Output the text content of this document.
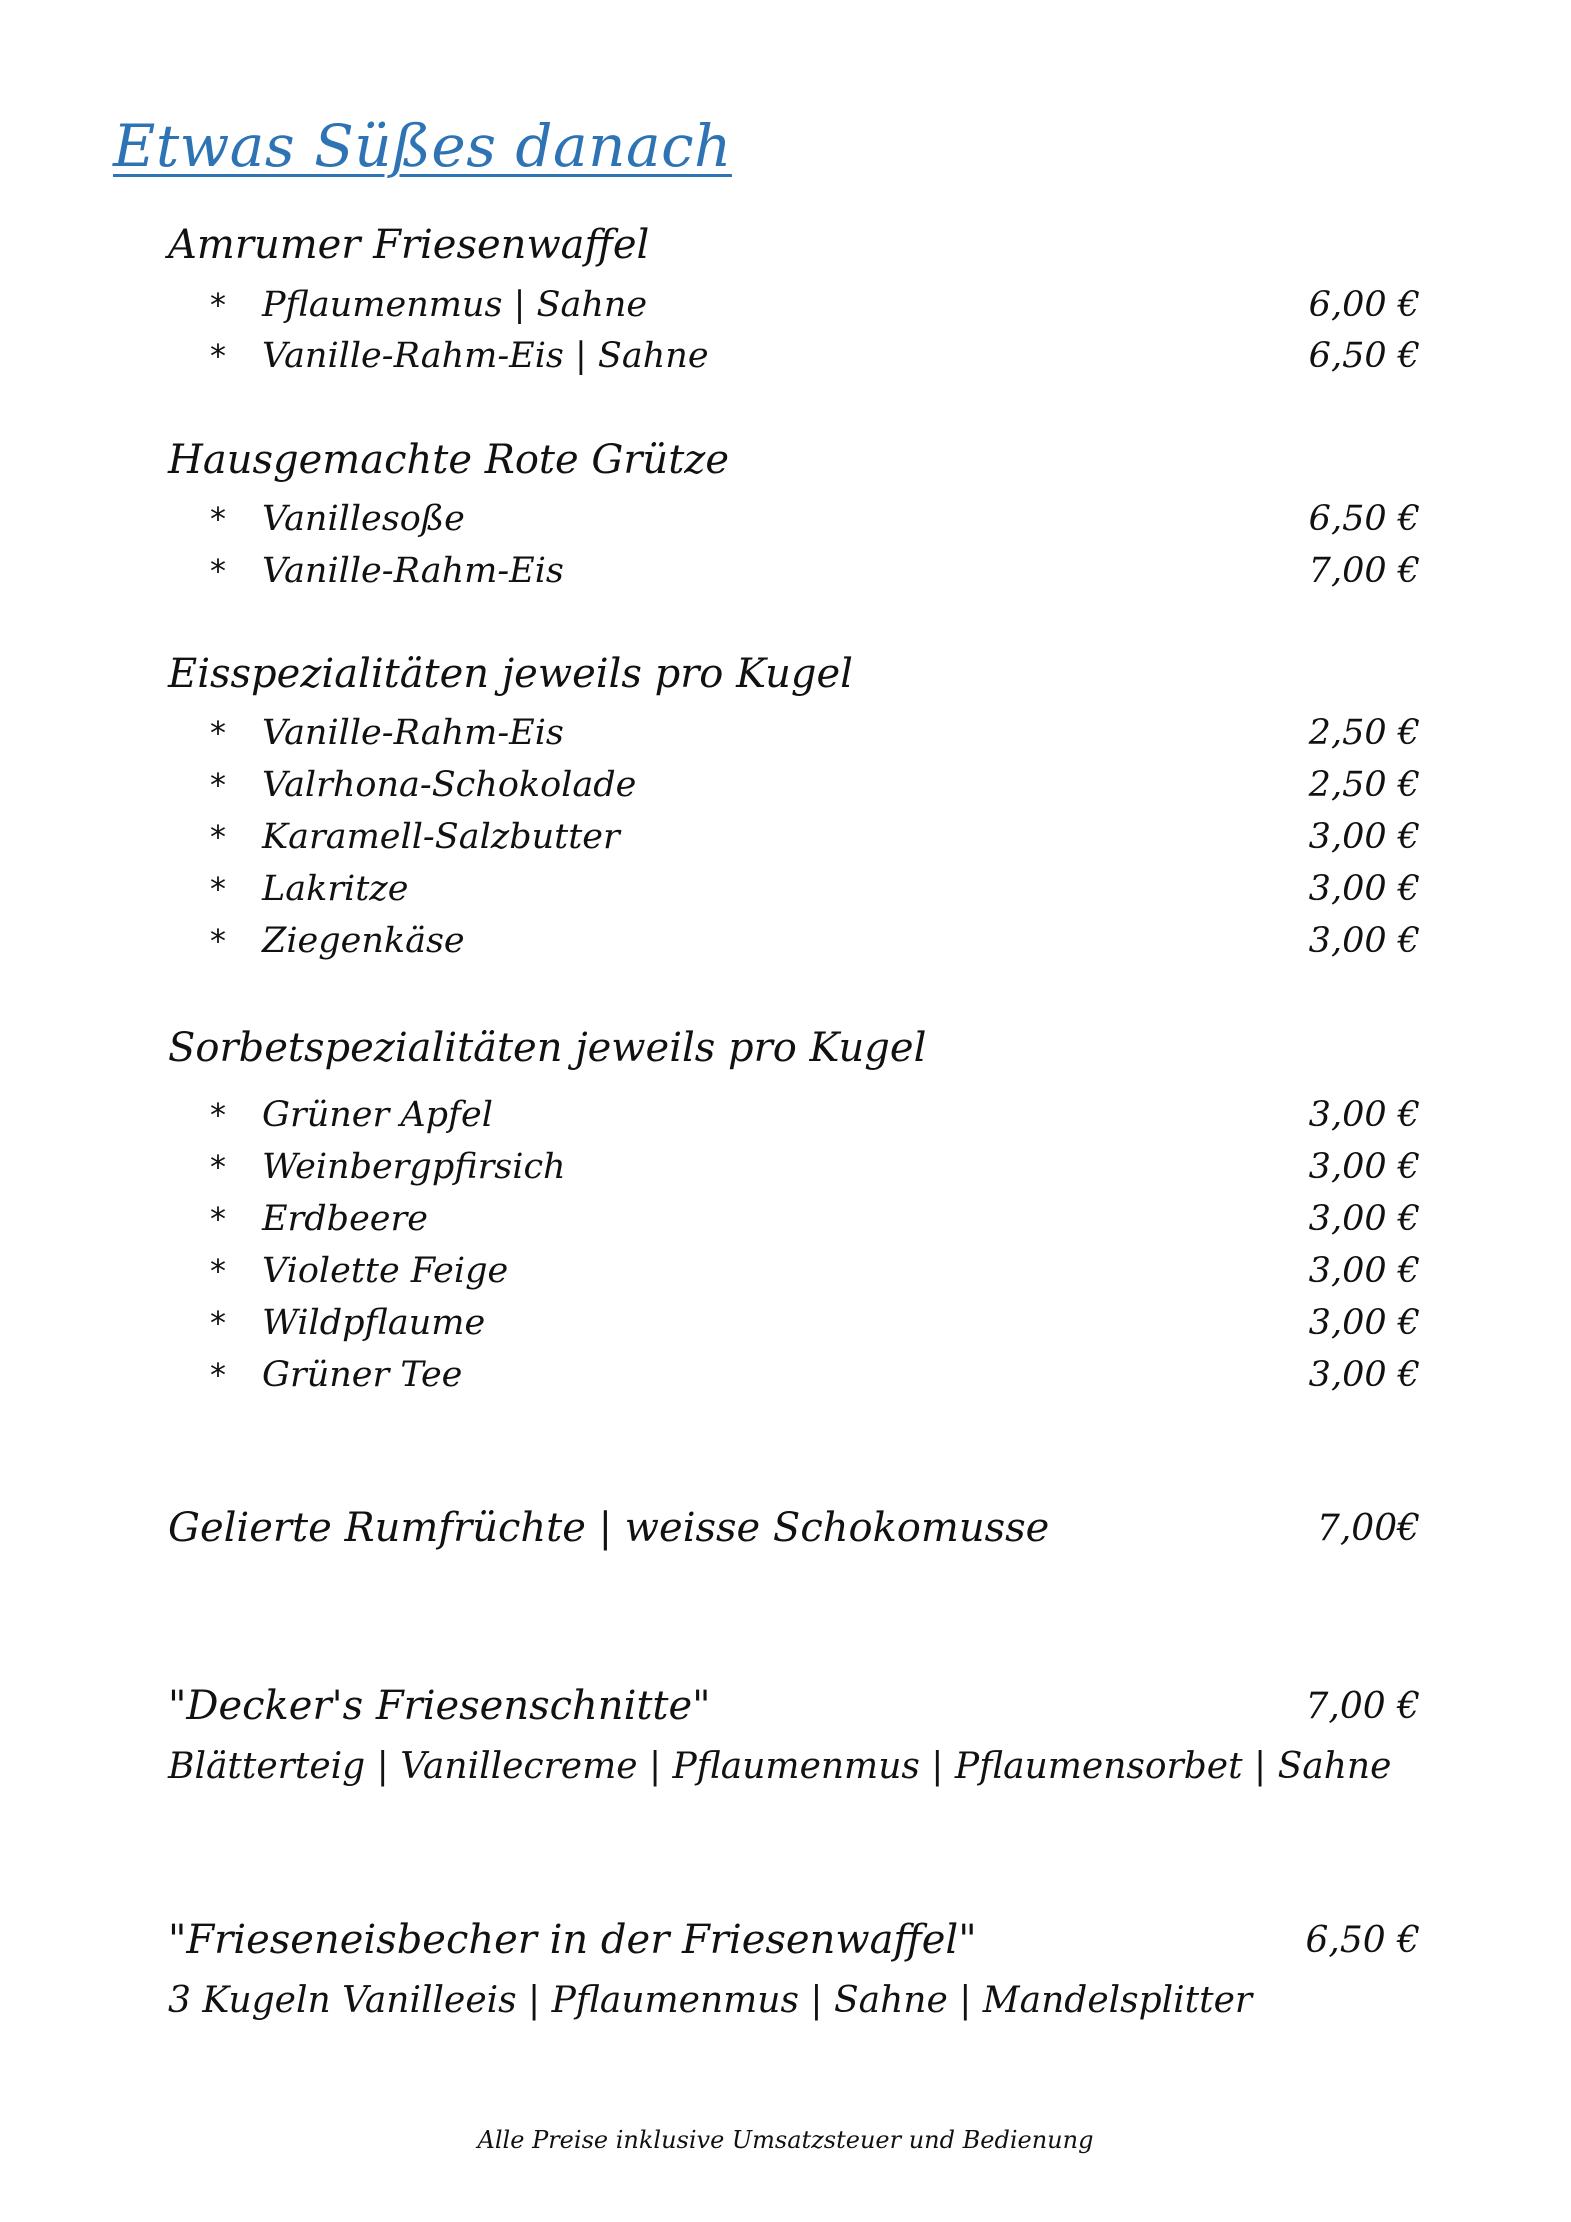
Etwas Süßes danach
Amrumer Friesenwaffel
* Pflaumenmus | Sahne	6,00 €
* Vanille-Rahm-Eis | Sahne	6,50 €
Hausgemachte Rote Grütze
* Vanillesoße	6,50 €
* Vanille-Rahm-Eis	7,00 €
Eisspezialitäten jeweils pro Kugel
* Vanille-Rahm-Eis	2,50 €
* Valrhona-Schokolade	2,50 €
* Karamell-Salzbutter	3,00 €
* Lakritze	3,00 €
* Ziegenkäse	3,00 €
Sorbetspezialitäten jeweils pro Kugel
* Grüner Apfel	3,00 €
* Weinbergpfirsich	3,00 €
* Erdbeere	3,00 €
* Violette Feige	3,00 €
* Wildpflaume	3,00 €
* Grüner Tee	3,00 €
Gelierte Rumfrüchte | weisse Schokomusse	7,00€
"Decker's Friesenschnitte"	7,00 €
Blätterteig | Vanillecreme | Pflaumenmus | Pflaumensorbet | Sahne
"Frieseneisbecher in der Friesenwaffel"	6,50 €
3 Kugeln Vanilleeis | Pflaumenmus | Sahne | Mandelsplitter
Alle Preise inklusive Umsatzsteuer und Bedienung
